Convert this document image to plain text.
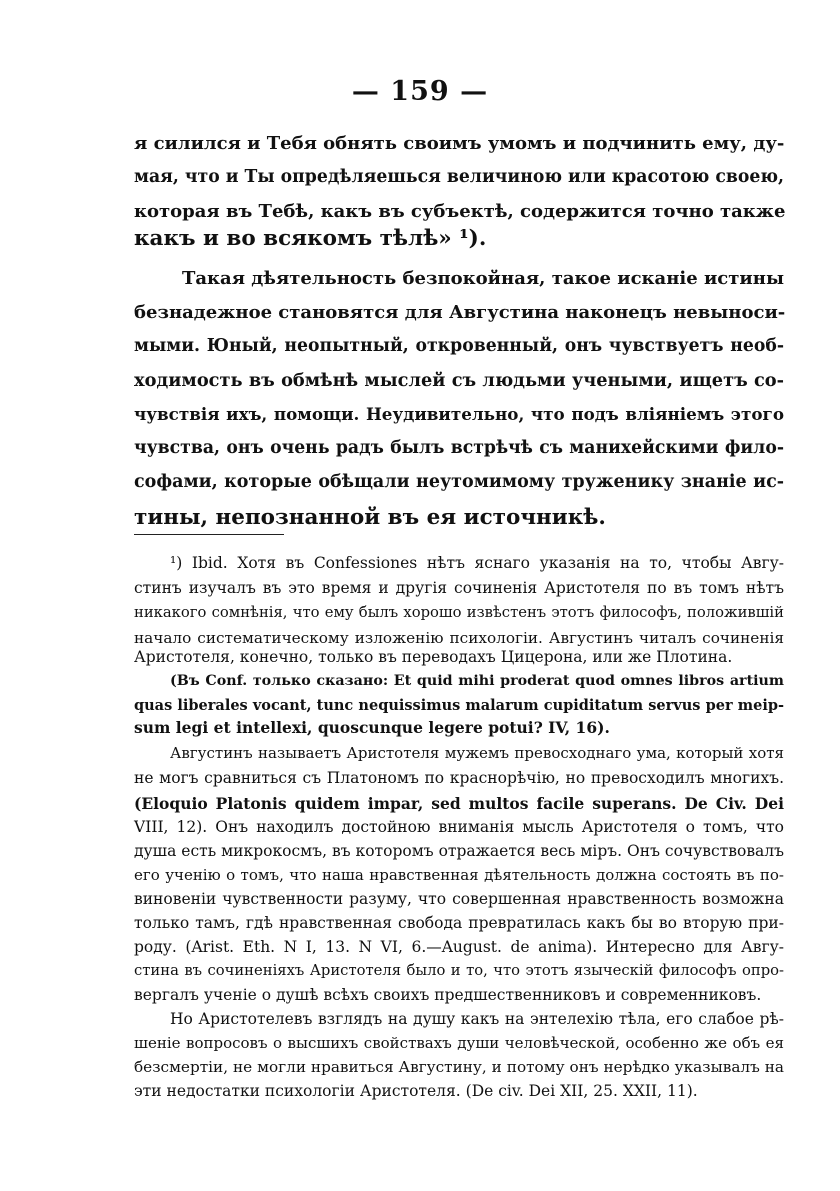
— 159 —
я силился и Тебя обнять своимъ умомъ и подчинить ему, ду-
мая, что и Ты опредѣляешься величиною или красотою своею,
которая въ Тебѣ, какъ въ субъектѣ, содержится точно также
какъ и во всякомъ тѣлѣ» ¹).
Такая дѣятельность безпокойная, такое исканіе истины
безнадежное становятся для Августина наконецъ невыноси-
мыми. Юный, неопытный, откровенный, онъ чувствуетъ необ-
ходимость въ обмѣнѣ мыслей съ людьми учеными, ищетъ со-
чувствія ихъ, помощи. Неудивительно, что подъ вліяніемъ этого
чувства, онъ очень радъ былъ встрѣчѣ съ манихейскими фило-
софами, которые обѣщали неутомимому труженику знаніе ис-
тины, непознанной въ ея источникѣ.
¹) Ibid. Хотя въ Confessiones нѣтъ яснаго указанія на то, чтобы Авгу-
стинъ изучалъ въ это время и другія сочиненія Аристотеля по въ томъ нѣтъ
никакого сомнѣнія, что ему былъ хорошо извѣстенъ этотъ философъ, положившій
начало систематическому изложенію психологіи. Августинъ читалъ сочиненія
Аристотеля, конечно, только въ переводахъ Цицерона, или же Плотина.
(Въ Conf. только сказано: Et quid mihi proderat quod omnes libros artium
quas liberales vocant, tunc nequissimus malarum cupiditatum servus per meip-
sum legi et intellexi, quoscunque legere potui? IV, 16).
Августинъ называетъ Аристотеля мужемъ превосходнаго ума, который хотя
не могъ сравниться съ Платономъ по краснорѣчію, но превосходилъ многихъ.
(Eloquio Platonis quidem impar, sed multos facile superans. De Civ. Dei
VIII, 12). Онъ находилъ достойною вниманія мысль Аристотеля о томъ, что
душа есть микрокосмъ, въ которомъ отражается весь міръ. Онъ сочувствовалъ
его ученію о томъ, что наша нравственная дѣятельность должна состоять въ по-
виновеніи чувственности разуму, что совершенная нравственность возможна
только тамъ, гдѣ нравственная свобода превратилась какъ бы во вторую при-
роду. (Arist. Eth. N I, 13. N VI, 6.—August. de anima). Интересно для Авгу-
стина въ сочиненіяхъ Аристотеля было и то, что этотъ языческій философъ опро-
вергалъ ученіе о душѣ всѣхъ своихъ предшественниковъ и современниковъ.
Но Аристотелевъ взглядъ на душу какъ на энтелехію тѣла, его слабое рѣ-
шеніе вопросовъ о высшихъ свойствахъ души человѣческой, особенно же объ ея
безсмертіи, не могли нравиться Августину, и потому онъ нерѣдко указывалъ на
эти недостатки психологіи Аристотеля. (De civ. Dei XII, 25. XXII, 11).
